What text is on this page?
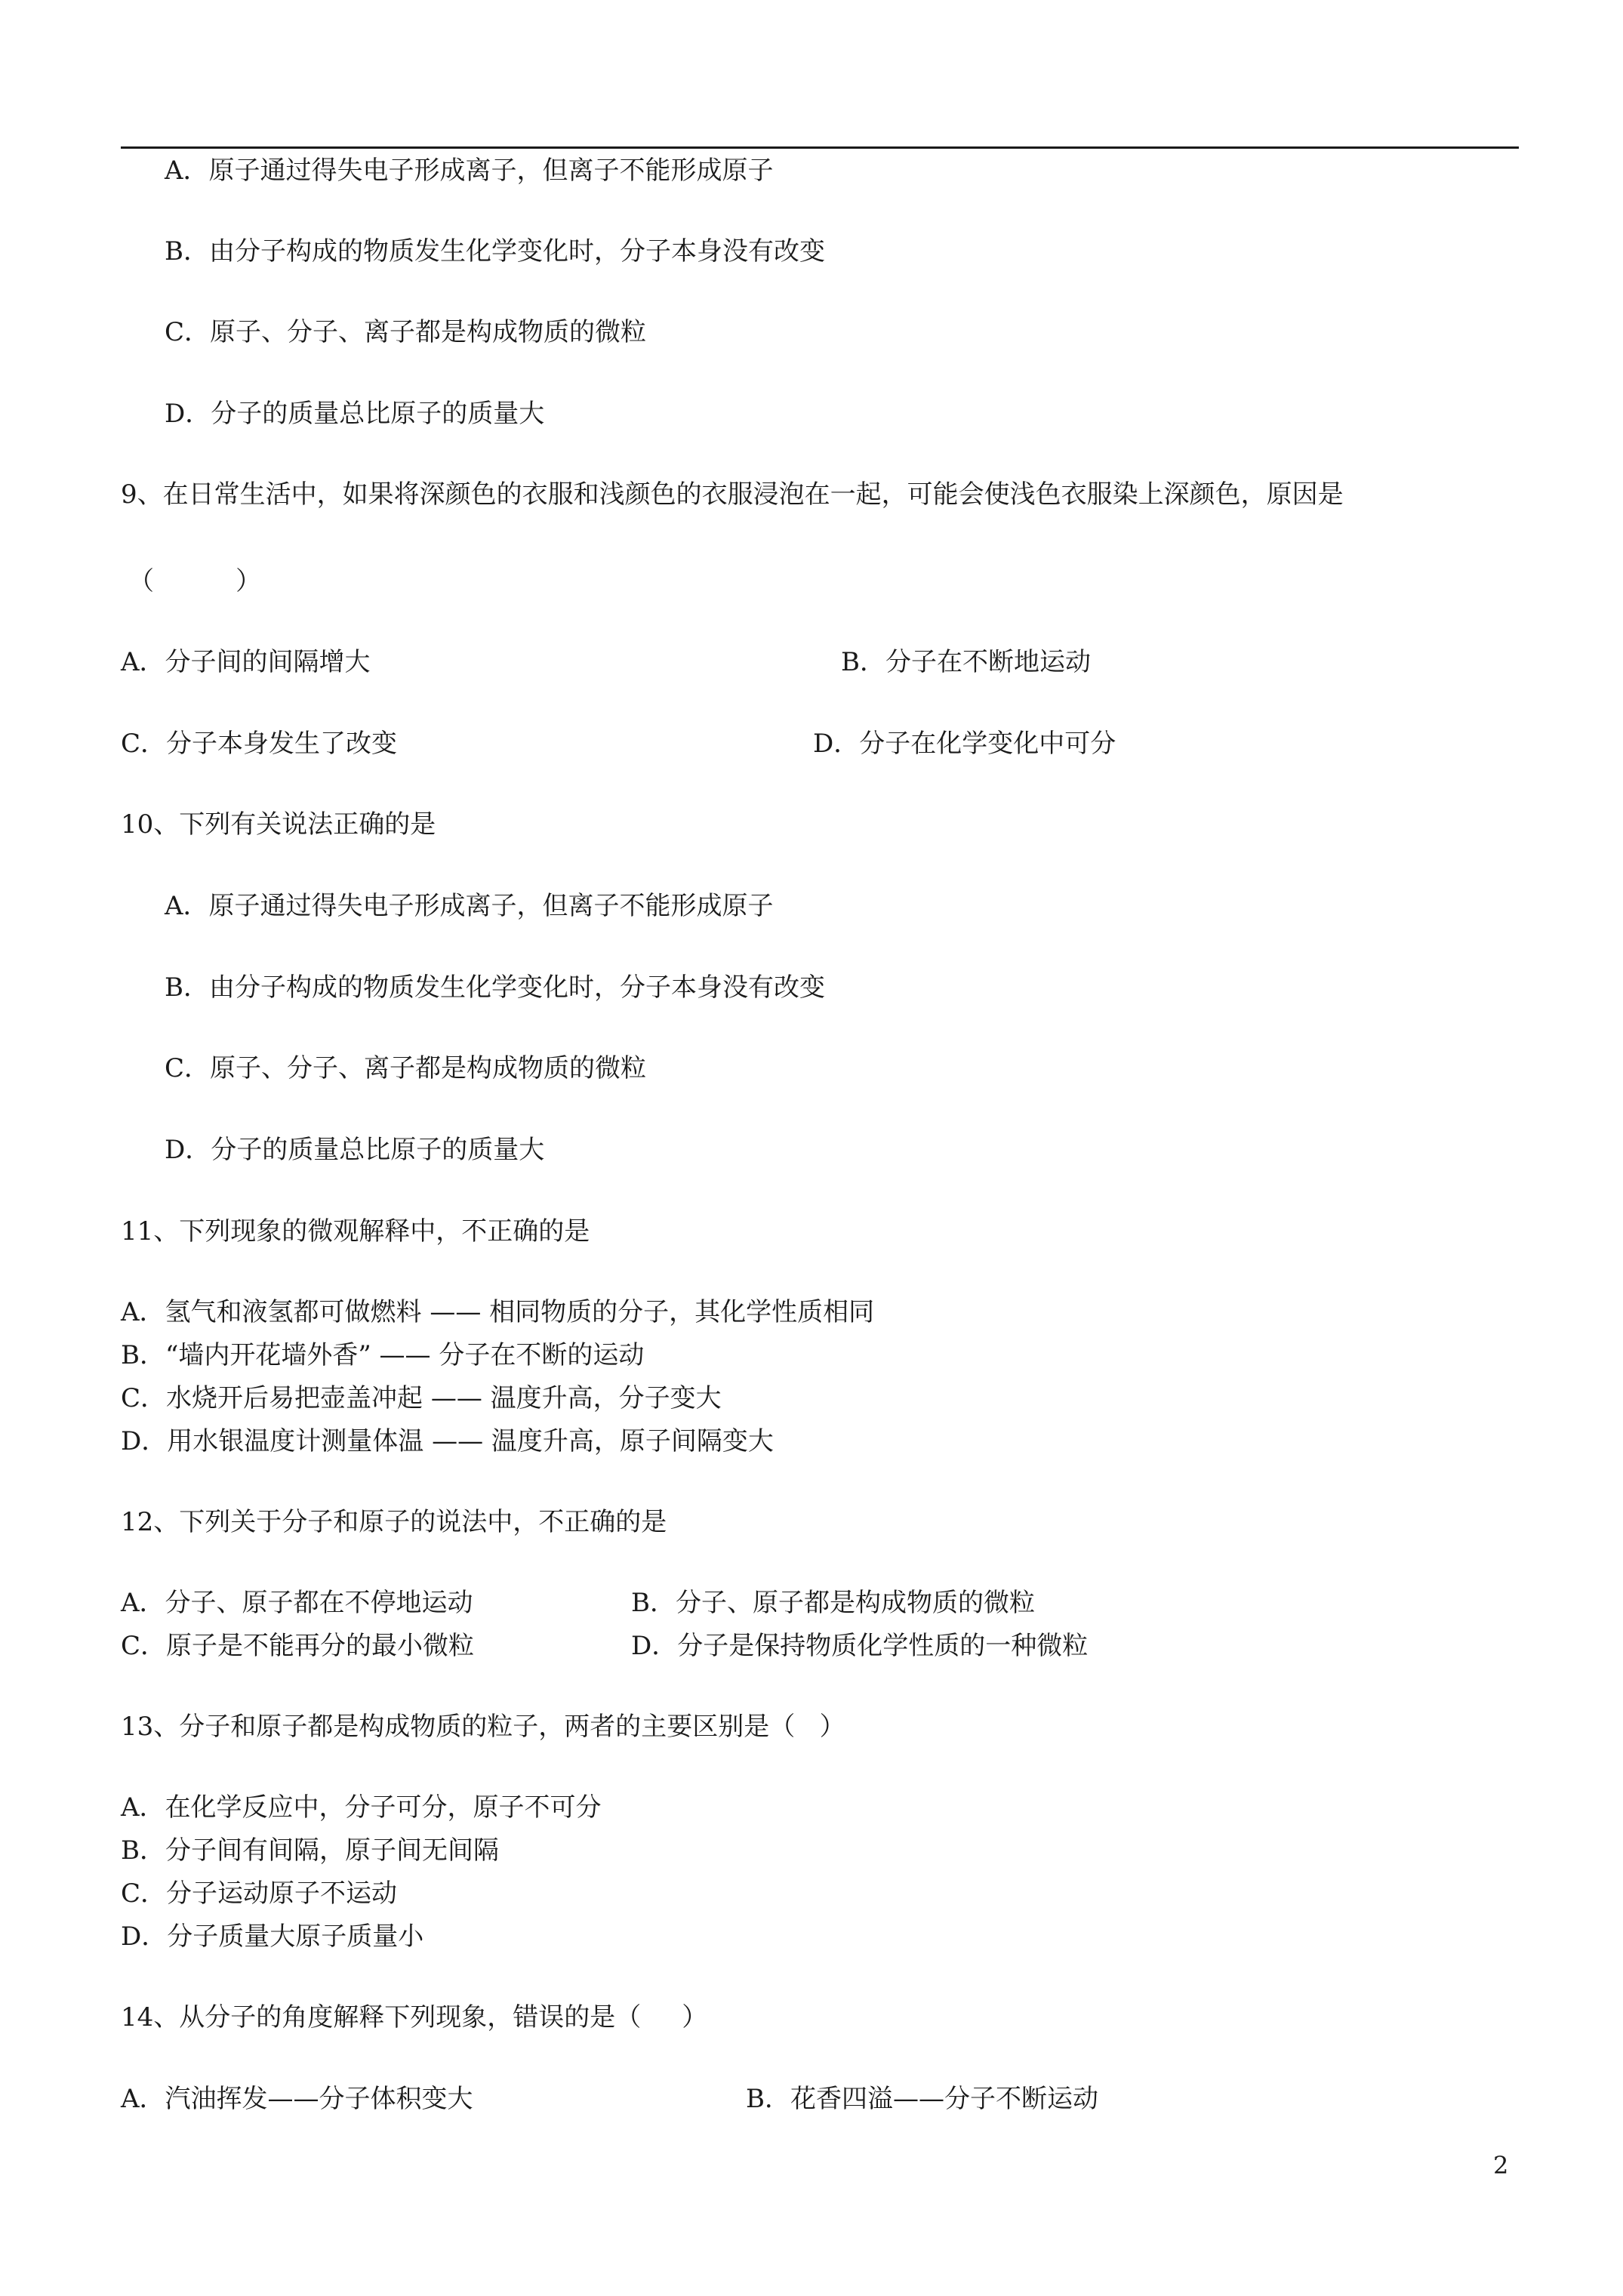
A．原子通过得失电子形成离子，但离子不能形成原子
B．由分子构成的物质发生化学变化时，分子本身没有改变
C．原子、分子、离子都是构成物质的微粒
D．分子的质量总比原子的质量大
9、在日常生活中，如果将深颜色的衣服和浅颜色的衣服浸泡在一起，可能会使浅色衣服染上深颜色，原因是
（          ）
A．分子间的间隔增大	B．分子在不断地运动
C．分子本身发生了改变	D．分子在化学变化中可分
10、下列有关说法正确的是
A．原子通过得失电子形成离子，但离子不能形成原子
B．由分子构成的物质发生化学变化时，分子本身没有改变
C．原子、分子、离子都是构成物质的微粒
D．分子的质量总比原子的质量大
11、下列现象的微观解释中，不正确的是
A．氢气和液氢都可做燃料 —— 相同物质的分子，其化学性质相同
B．“墙内开花墙外香” —— 分子在不断的运动
C．水烧开后易把壶盖冲起 —— 温度升高，分子变大
D．用水银温度计测量体温 —— 温度升高，原子间隔变大
12、下列关于分子和原子的说法中，不正确的是
A．分子、原子都在不停地运动	B．分子、原子都是构成物质的微粒
C．原子是不能再分的最小微粒	D．分子是保持物质化学性质的一种微粒
13、分子和原子都是构成物质的粒子，两者的主要区别是（   ）
A．在化学反应中，分子可分，原子不可分
B．分子间有间隔，原子间无间隔
C．分子运动原子不运动
D．分子质量大原子质量小
14、从分子的角度解释下列现象，错误的是（     ）
A．汽油挥发——分子体积变大	B．花香四溢——分子不断运动
2
